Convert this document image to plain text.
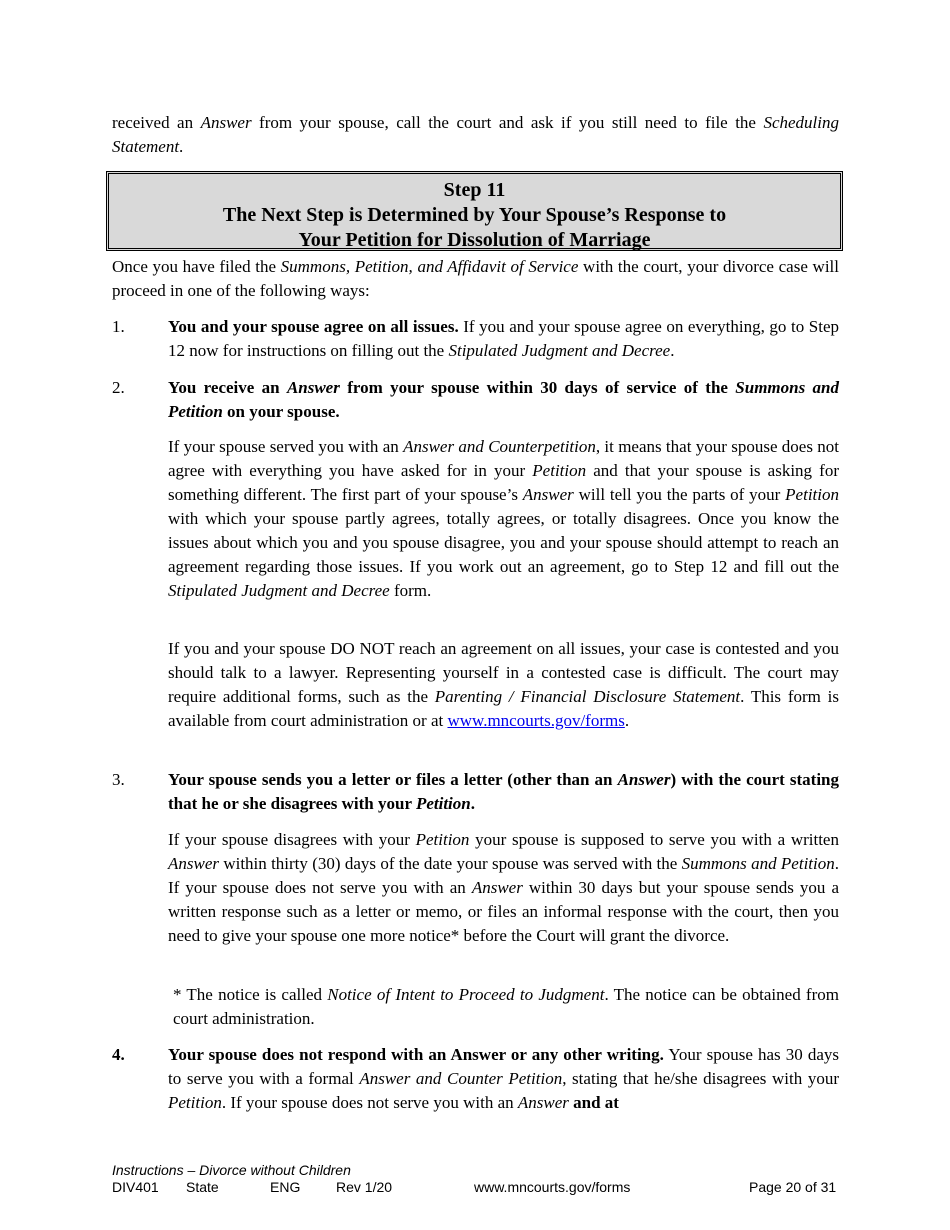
received an Answer from your spouse, call the court and ask if you still need to file the Scheduling Statement.

Step 11
The Next Step is Determined by Your Spouse’s Response to
Your Petition for Dissolution of Marriage

Once you have filed the Summons, Petition, and Affidavit of Service with the court, your divorce case will proceed in one of the following ways:

1.	You and your spouse agree on all issues. If you and your spouse agree on everything, go to Step 12 now for instructions on filling out the Stipulated Judgment and Decree.

2.	You receive an Answer from your spouse within 30 days of service of the Summons and Petition on your spouse.

If your spouse served you with an Answer and Counterpetition, it means that your spouse does not agree with everything you have asked for in your Petition and that your spouse is asking for something different. The first part of your spouse’s Answer will tell you the parts of your Petition with which your spouse partly agrees, totally agrees, or totally disagrees. Once you know the issues about which you and you spouse disagree, you and your spouse should attempt to reach an agreement regarding those issues. If you work out an agreement, go to Step 12 and fill out the Stipulated Judgment and Decree form.

If you and your spouse DO NOT reach an agreement on all issues, your case is contested and you should talk to a lawyer. Representing yourself in a contested case is difficult. The court may require additional forms, such as the Parenting / Financial Disclosure Statement. This form is available from court administration or at www.mncourts.gov/forms.

3.	Your spouse sends you a letter or files a letter (other than an Answer) with the court stating that he or she disagrees with your Petition.

If your spouse disagrees with your Petition your spouse is supposed to serve you with a written Answer within thirty (30) days of the date your spouse was served with the Summons and Petition. If your spouse does not serve you with an Answer within 30 days but your spouse sends you a written response such as a letter or memo, or files an informal response with the court, then you need to give your spouse one more notice* before the Court will grant the divorce.

* The notice is called Notice of Intent to Proceed to Judgment. The notice can be obtained from court administration.

4.	Your spouse does not respond with an Answer or any other writing. Your spouse has 30 days to serve you with a formal Answer and Counter Petition, stating that he/she disagrees with your Petition. If your spouse does not serve you with an Answer and at

Instructions – Divorce without Children
DIV401 State	ENG	Rev 1/20	www.mncourts.gov/forms	Page 20 of 31
